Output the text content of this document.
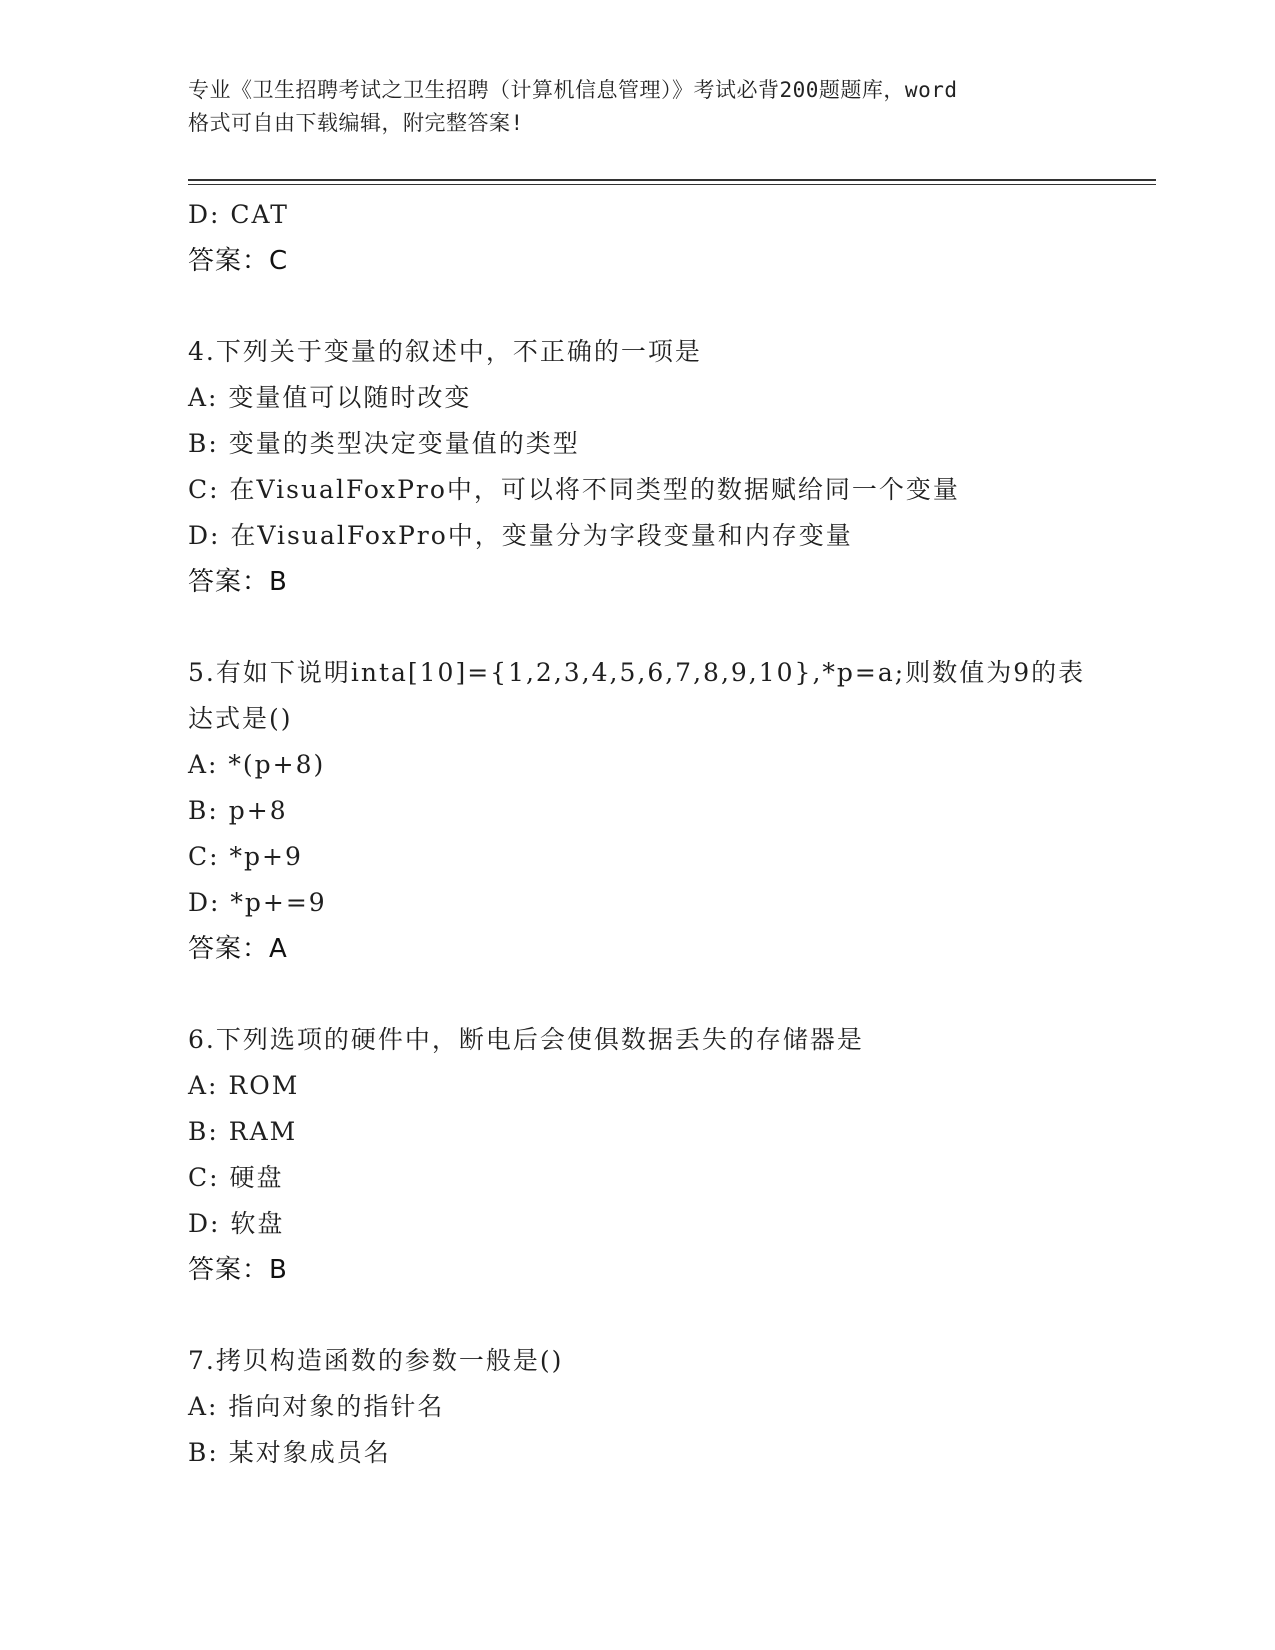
专业《卫生招聘考试之卫生招聘（计算机信息管理）》考试必背200题题库，word
格式可自由下载编辑，附完整答案!
D: CAT
答案：C
4.下列关于变量的叙述中，不正确的一项是
A: 变量值可以随时改变
B: 变量的类型决定变量值的类型
C: 在VisualFoxPro中，可以将不同类型的数据赋给同一个变量
D: 在VisualFoxPro中，变量分为字段变量和内存变量
答案：B
5.有如下说明inta[10]={1,2,3,4,5,6,7,8,9,10},*p=a;则数值为9的表达式是()
A: *(p+8)
B: p+8
C: *p+9
D: *p+=9
答案：A
6.下列选项的硬件中，断电后会使俱数据丢失的存储器是
A: ROM
B: RAM
C: 硬盘
D: 软盘
答案：B
7.拷贝构造函数的参数一般是()
A: 指向对象的指针名
B: 某对象成员名
